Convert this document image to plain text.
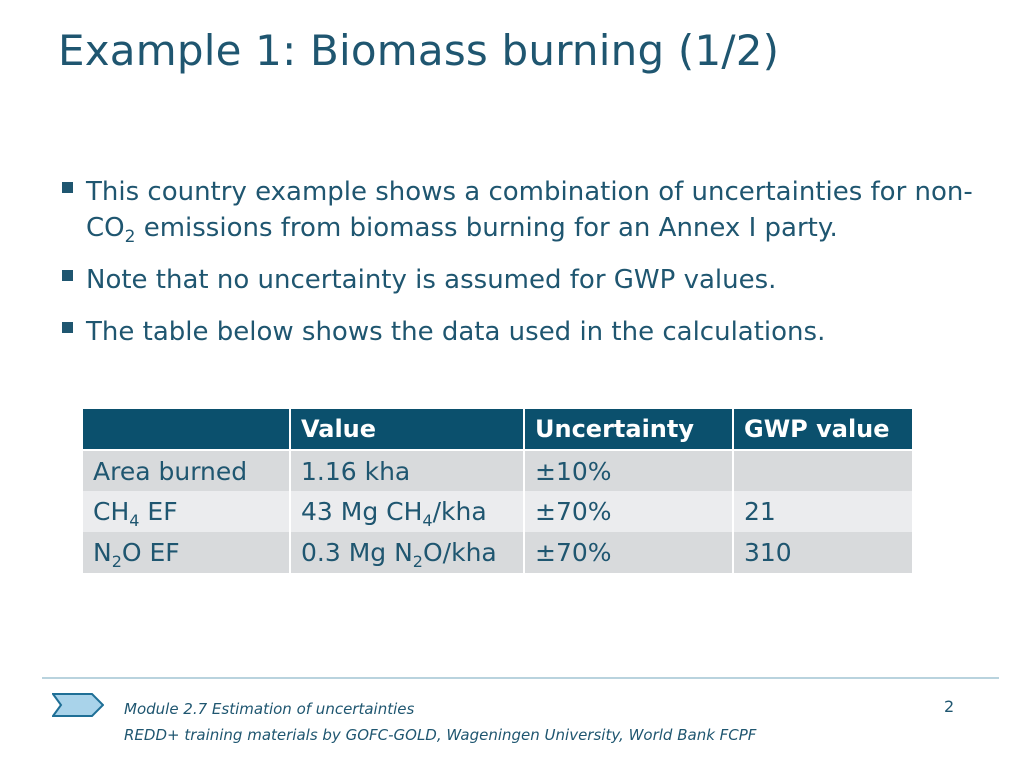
Example 1: Biomass burning (1/2)
This country example shows a combination of uncertainties for non-$CO_2$ emissions from biomass burning for an Annex I party.
Note that no uncertainty is assumed for GWP values.
The table below shows the data used in the calculations.
	Value	Uncertainty	GWP value
Area burned	1.16 kha	±10%	
$CH_4$ EF	43 Mg $CH_4$/kha	±70%	21
$N_2O$ EF	0.3 Mg $N_2O$/kha	±70%	310
Module 2.7 Estimation of uncertainties
REDD+ training materials by GOFC-GOLD, Wageningen University, World Bank FCPF
2
